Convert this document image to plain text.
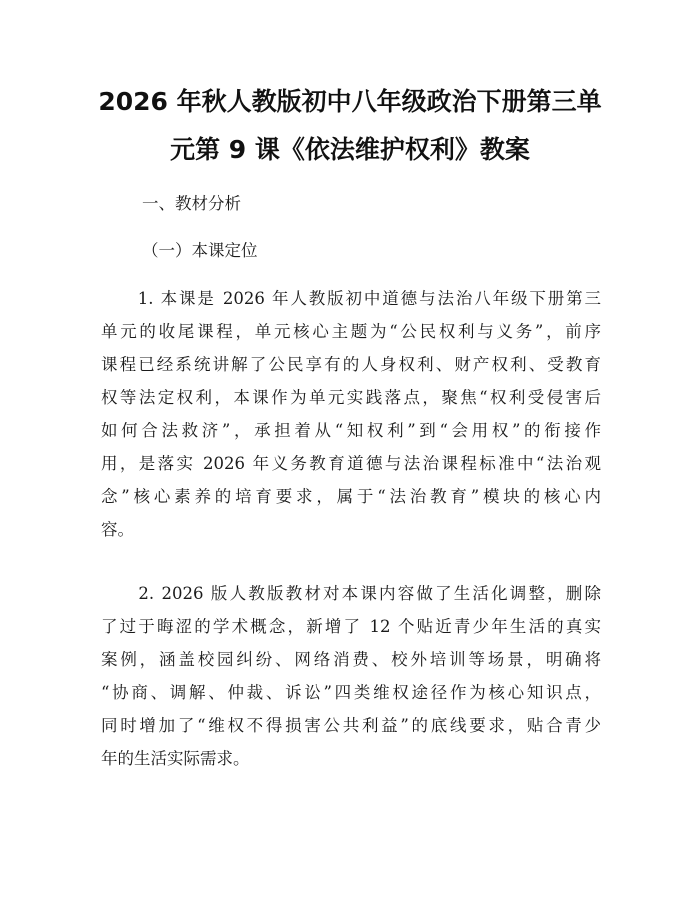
2026 年秋人教版初中八年级政治下册第三单
元第 9 课《依法维护权利》教案

一、教材分析

（一）本课定位

　　1. 本课是 2026 年人教版初中道德与法治八年级下册第三
单元的收尾课程，单元核心主题为“公民权利与义务”，前序
课程已经系统讲解了公民享有的人身权利、财产权利、受教育
权等法定权利，本课作为单元实践落点，聚焦“权利受侵害后
如何合法救济”，承担着从“知权利”到“会用权”的衔接作
用，是落实 2026 年义务教育道德与法治课程标准中“法治观
念”核心素养的培育要求，属于“法治教育”模块的核心内
容。
　　2. 2026 版人教版教材对本课内容做了生活化调整，删除
了过于晦涩的学术概念，新增了 12 个贴近青少年生活的真实
案例，涵盖校园纠纷、网络消费、校外培训等场景，明确将
“协商、调解、仲裁、诉讼”四类维权途径作为核心知识点，
同时增加了“维权不得损害公共利益”的底线要求，贴合青少
年的生活实际需求。
